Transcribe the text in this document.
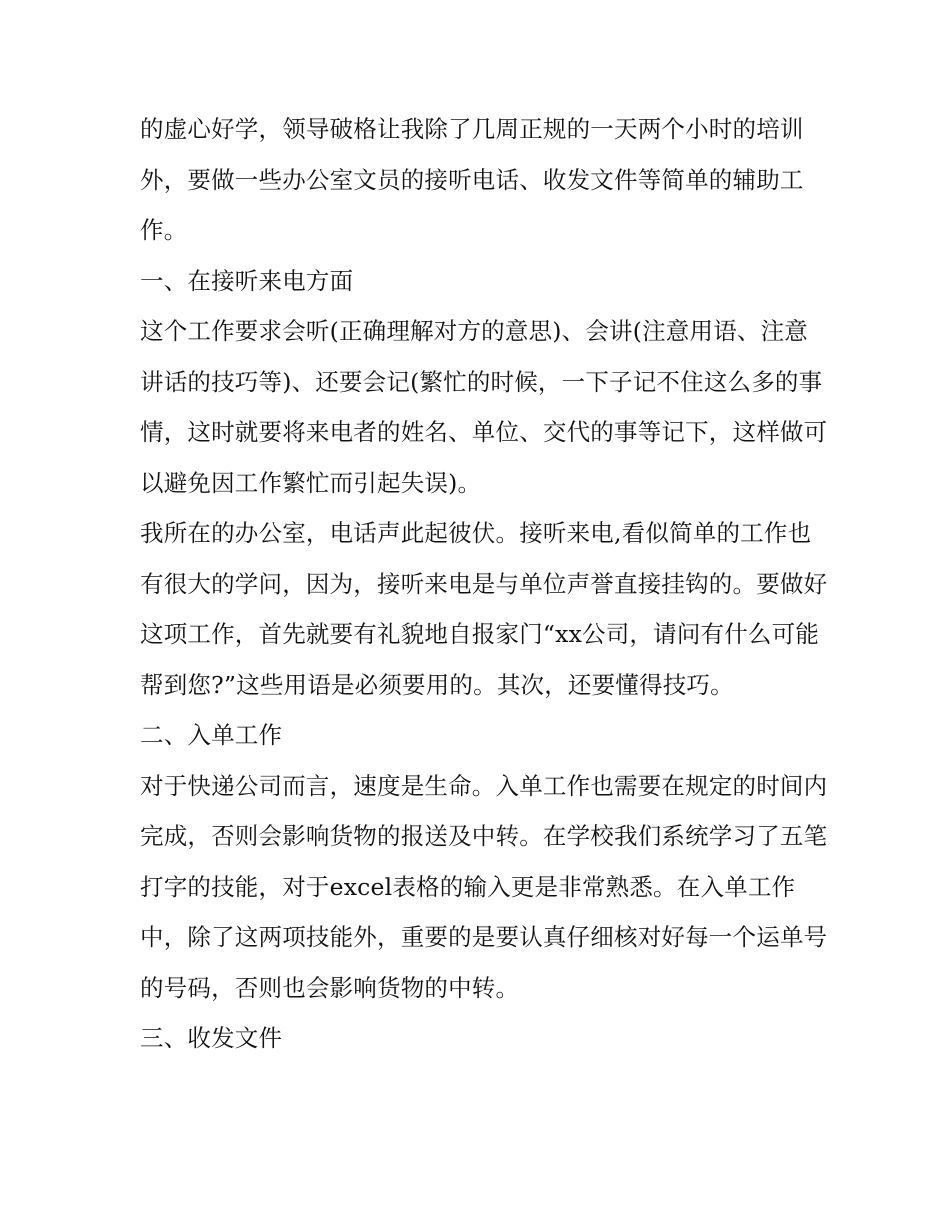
的虚心好学，领导破格让我除了几周正规的一天两个小时的培训外，要做一些办公室文员的接听电话、收发文件等简单的辅助工作。

一、在接听来电方面

这个工作要求会听(正确理解对方的意思)、会讲(注意用语、注意讲话的技巧等)、还要会记(繁忙的时候，一下子记不住这么多的事情，这时就要将来电者的姓名、单位、交代的事等记下，这样做可以避免因工作繁忙而引起失误)。

我所在的办公室，电话声此起彼伏。接听来电,看似简单的工作也有很大的学问，因为，接听来电是与单位声誉直接挂钩的。要做好这项工作，首先就要有礼貌地自报家门“xx公司，请问有什么可能帮到您?”这些用语是必须要用的。其次，还要懂得技巧。

二、入单工作

对于快递公司而言，速度是生命。入单工作也需要在规定的时间内完成，否则会影响货物的报送及中转。在学校我们系统学习了五笔打字的技能，对于excel表格的输入更是非常熟悉。在入单工作中，除了这两项技能外，重要的是要认真仔细核对好每一个运单号的号码，否则也会影响货物的中转。

三、收发文件
